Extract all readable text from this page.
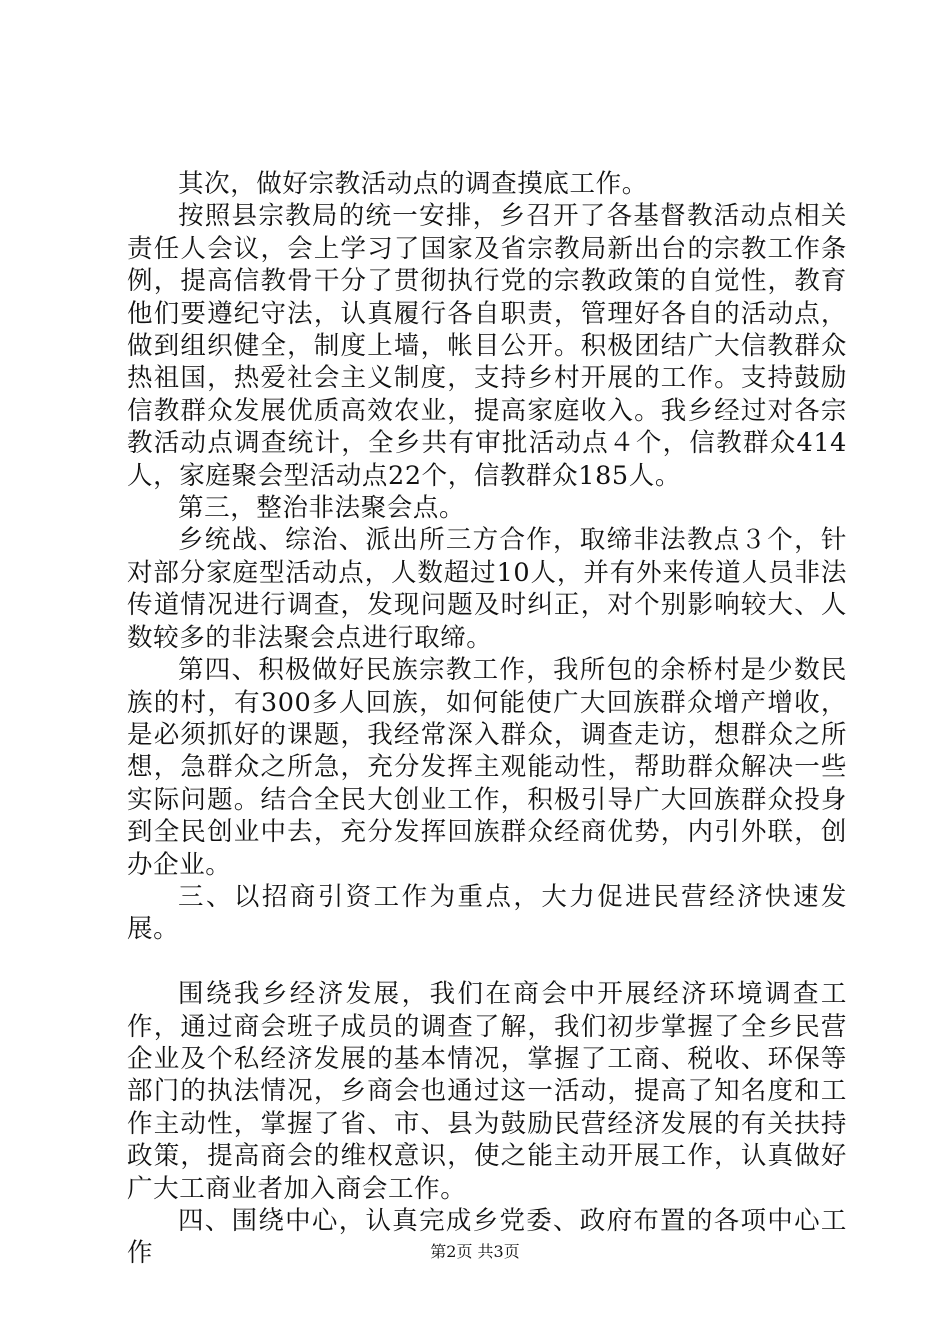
其次，做好宗教活动点的调查摸底工作。

按照县宗教局的统一安排，乡召开了各基督教活动点相关责任人会议，会上学习了国家及省宗教局新出台的宗教工作条例，提高信教骨干分了贯彻执行党的宗教政策的自觉性，教育他们要遵纪守法，认真履行各自职责，管理好各自的活动点，做到组织健全，制度上墙，帐目公开。积极团结广大信教群众热祖国，热爱社会主义制度，支持乡村开展的工作。支持鼓励信教群众发展优质高效农业，提高家庭收入。我乡经过对各宗教活动点调查统计，全乡共有审批活动点４个，信教群众414人，家庭聚会型活动点22个，信教群众185人。

第三，整治非法聚会点。

乡统战、综治、派出所三方合作，取缔非法教点３个，针对部分家庭型活动点，人数超过10人，并有外来传道人员非法传道情况进行调查，发现问题及时纠正，对个别影响较大、人数较多的非法聚会点进行取缔。

第四、积极做好民族宗教工作，我所包的余桥村是少数民族的村，有300多人回族，如何能使广大回族群众增产增收，是必须抓好的课题，我经常深入群众，调查走访，想群众之所想，急群众之所急，充分发挥主观能动性，帮助群众解决一些实际问题。结合全民大创业工作，积极引导广大回族群众投身到全民创业中去，充分发挥回族群众经商优势，内引外联，创办企业。

三、以招商引资工作为重点，大力促进民营经济快速发展。

围绕我乡经济发展，我们在商会中开展经济环境调查工作，通过商会班子成员的调查了解，我们初步掌握了全乡民营企业及个私经济发展的基本情况，掌握了工商、税收、环保等部门的执法情况，乡商会也通过这一活动，提高了知名度和工作主动性，掌握了省、市、县为鼓励民营经济发展的有关扶持政策，提高商会的维权意识，使之能主动开展工作，认真做好广大工商业者加入商会工作。

四、围绕中心，认真完成乡党委、政府布置的各项中心工作	第2页 共3页
